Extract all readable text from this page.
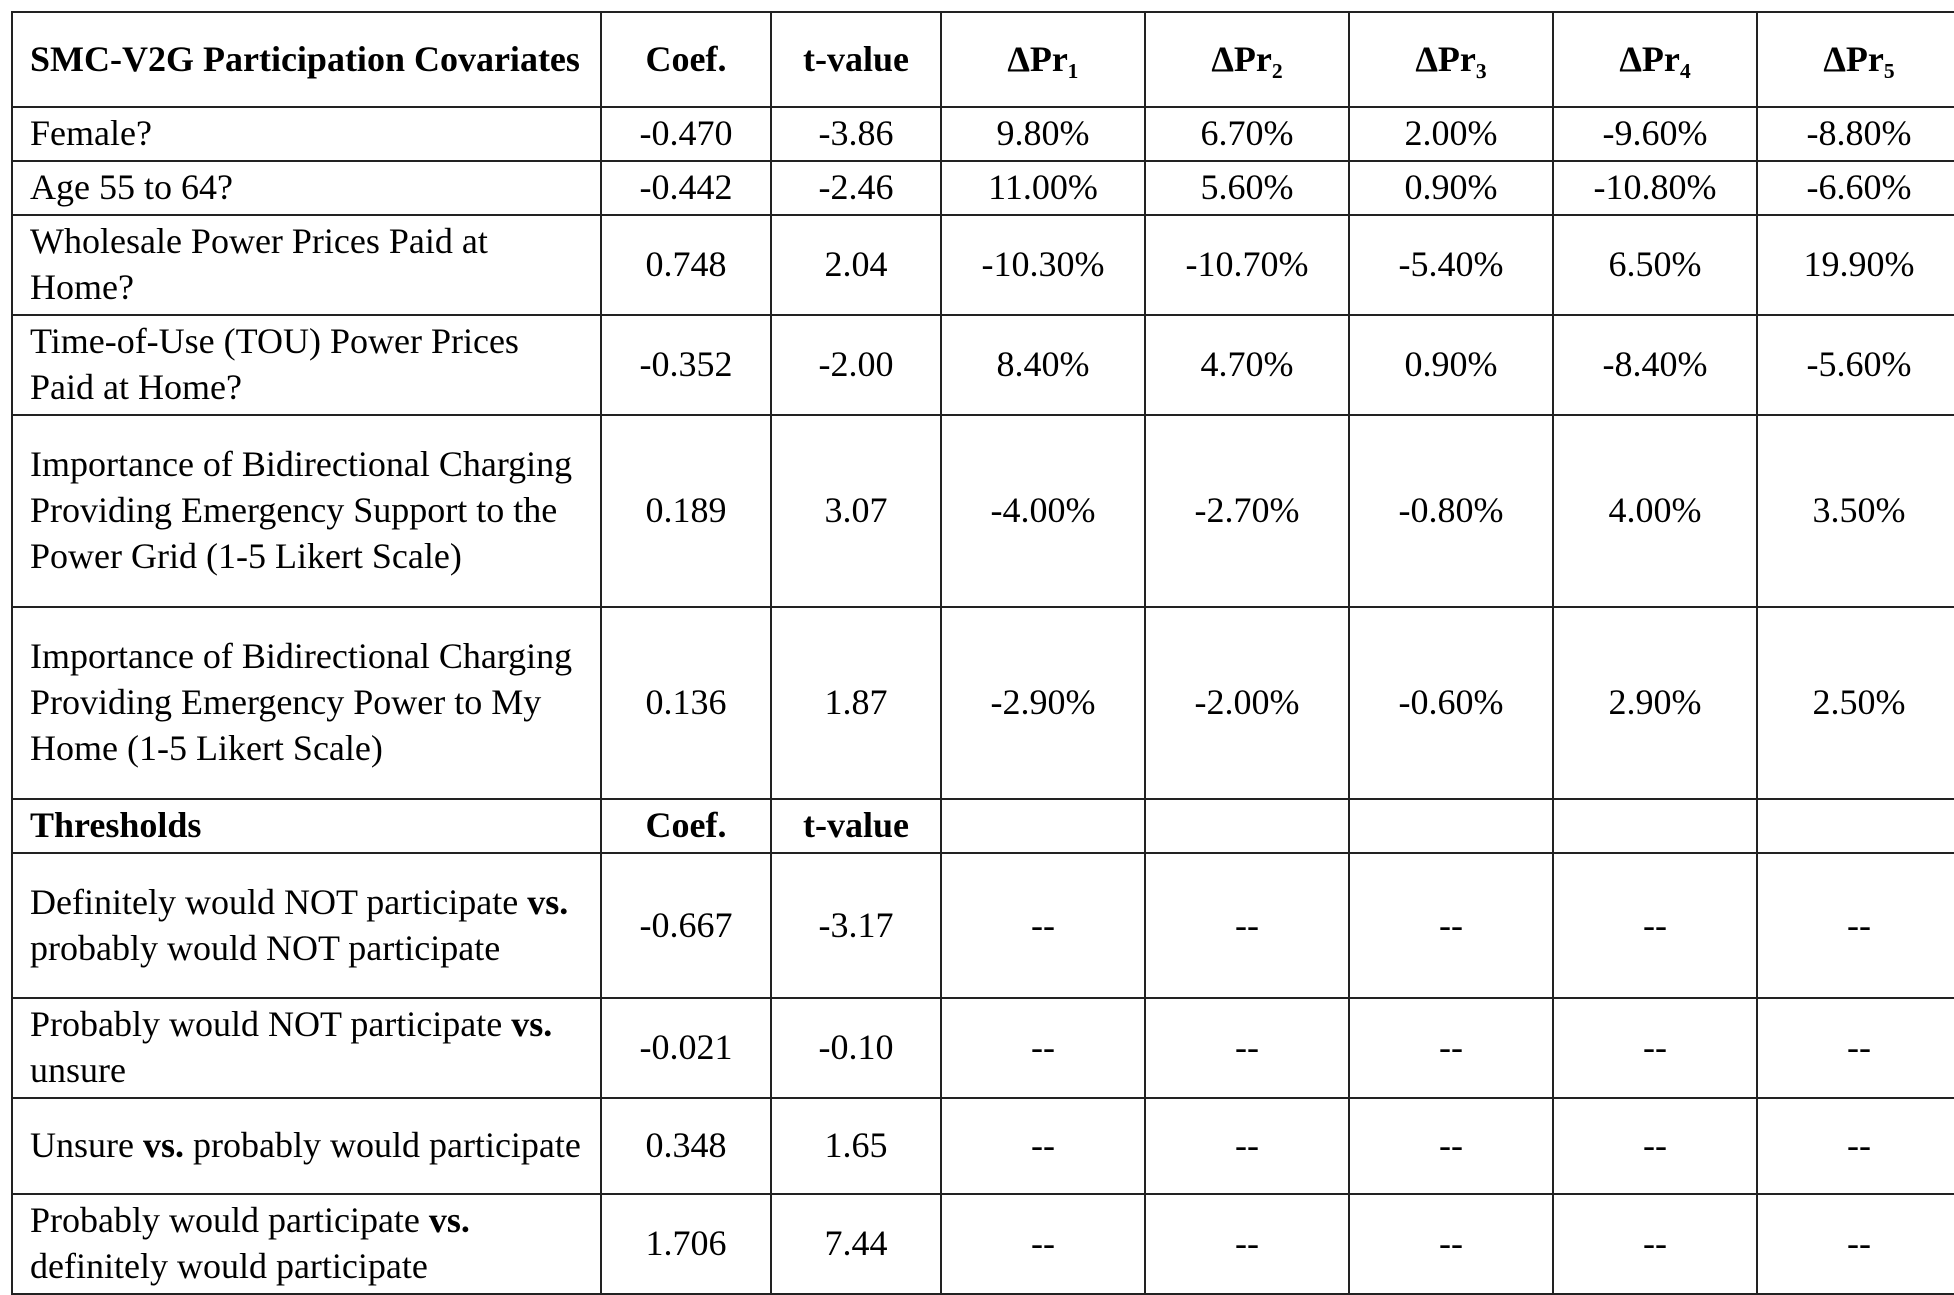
SMC-V2G Participation Covariates	Coef.	t-value	ΔPr₁	ΔPr₂	ΔPr₃	ΔPr₄	ΔPr₅
Female?	-0.470	-3.86	9.80%	6.70%	2.00%	-9.60%	-8.80%
Age 55 to 64?	-0.442	-2.46	11.00%	5.60%	0.90%	-10.80%	-6.60%
Wholesale Power Prices Paid at Home?	0.748	2.04	-10.30%	-10.70%	-5.40%	6.50%	19.90%
Time-of-Use (TOU) Power Prices Paid at Home?	-0.352	-2.00	8.40%	4.70%	0.90%	-8.40%	-5.60%
Importance of Bidirectional Charging Providing Emergency Support to the Power Grid (1-5 Likert Scale)	0.189	3.07	-4.00%	-2.70%	-0.80%	4.00%	3.50%
Importance of Bidirectional Charging Providing Emergency Power to My Home (1-5 Likert Scale)	0.136	1.87	-2.90%	-2.00%	-0.60%	2.90%	2.50%
Thresholds	Coef.	t-value					
Definitely would NOT participate vs. probably would NOT participate	-0.667	-3.17	--	--	--	--	--
Probably would NOT participate vs. unsure	-0.021	-0.10	--	--	--	--	--
Unsure vs. probably would participate	0.348	1.65	--	--	--	--	--
Probably would participate vs. definitely would participate	1.706	7.44	--	--	--	--	--
